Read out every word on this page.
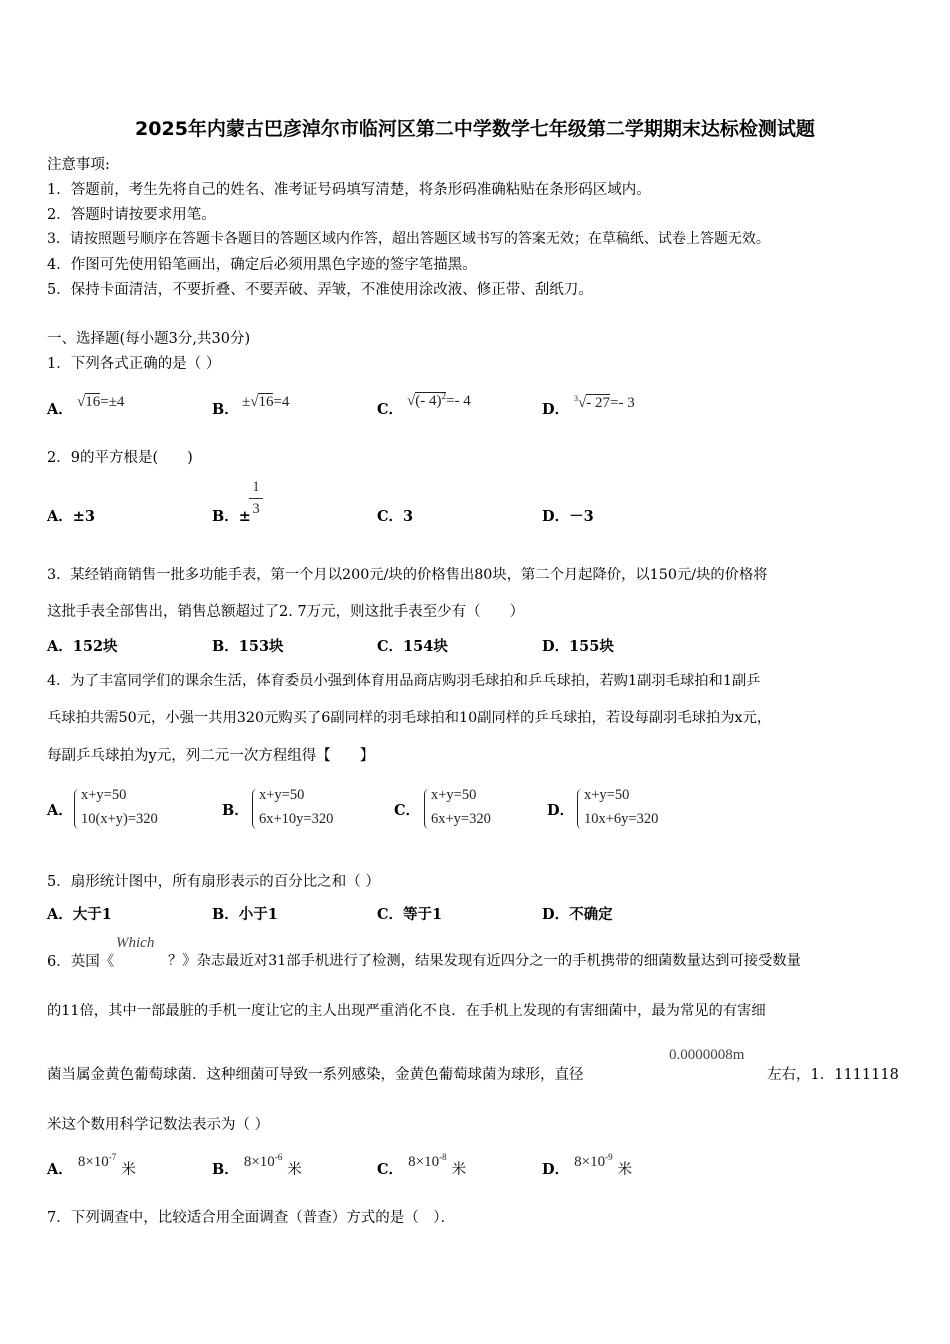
2025年内蒙古巴彦淖尔市临河区第二中学数学七年级第二学期期末达标检测试题
注意事项:
1．答题前，考生先将自己的姓名、准考证号码填写清楚，将条形码准确粘贴在条形码区域内。
2．答题时请按要求用笔。
3．请按照题号顺序在答题卡各题目的答题区域内作答，超出答题区域书写的答案无效；在草稿纸、试卷上答题无效。
4．作图可先使用铅笔画出，确定后必须用黑色字迹的签字笔描黑。
5．保持卡面清洁，不要折叠、不要弄破、弄皱，不准使用涂改液、修正带、刮纸刀。
一、选择题(每小题3分,共30分)
1．下列各式正确的是（ ）
A． √16=±4	B． ±√16=4	C． √(- 4)$^2$=- 4	D．
$^3$√- 27=- 3
2．9的平方根是(　　)
A．±3	B．±
1
3	C．3	D．－3
3．某经销商销售一批多功能手表，第一个月以200元/块的价格售出80块，第二个月起降价，以150元/块的价格将
这批手表全部售出，销售总额超过了2. 7万元，则这批手表至少有（　　）
A．152块	B．153块	C．154块	D．155块
4．为了丰富同学们的课余生活，体育委员小强到体育用品商店购羽毛球拍和乒乓球拍，若购1副羽毛球拍和1副乒
乓球拍共需50元，小强一共用320元购买了6副同样的羽毛球拍和10副同样的乒乓球拍，若设每副羽毛球拍为x元，
每副乒乓球拍为y元，列二元一次方程组得【　　】
A．
x+y=50
10(x+y)=320	B．
x+y=50
6x+10y=320	C．
x+y=50
6x+y=320	D．
x+y=50
10x+6y=320
5．扇形统计图中，所有扇形表示的百分比之和（ ）
A．大于1	B．小于1	C．等于1	D．不确定
6．英国《
Which
？》杂志最近对31部手机进行了检测，结果发现有近四分之一的手机携带的细菌数量达到可接受数量
的11倍，其中一部最脏的手机一度让它的主人出现严重消化不良．在手机上发现的有害细菌中，最为常见的有害细
菌当属金黄色葡萄球菌．这种细菌可导致一系列感染，金黄色葡萄球菌为球形，直径
0.0000008m
左右，1．1111118
米这个数用科学记数法表示为（ ）
A． $8\times 10^{-7}$ 米	B． $8\times 10^{-6}$ 米	C． $8\times 10^{-8}$ 米	D． $8\times 10^{-9}$ 米
7．下列调查中，比较适合用全面调查（普查）方式的是（　）．
